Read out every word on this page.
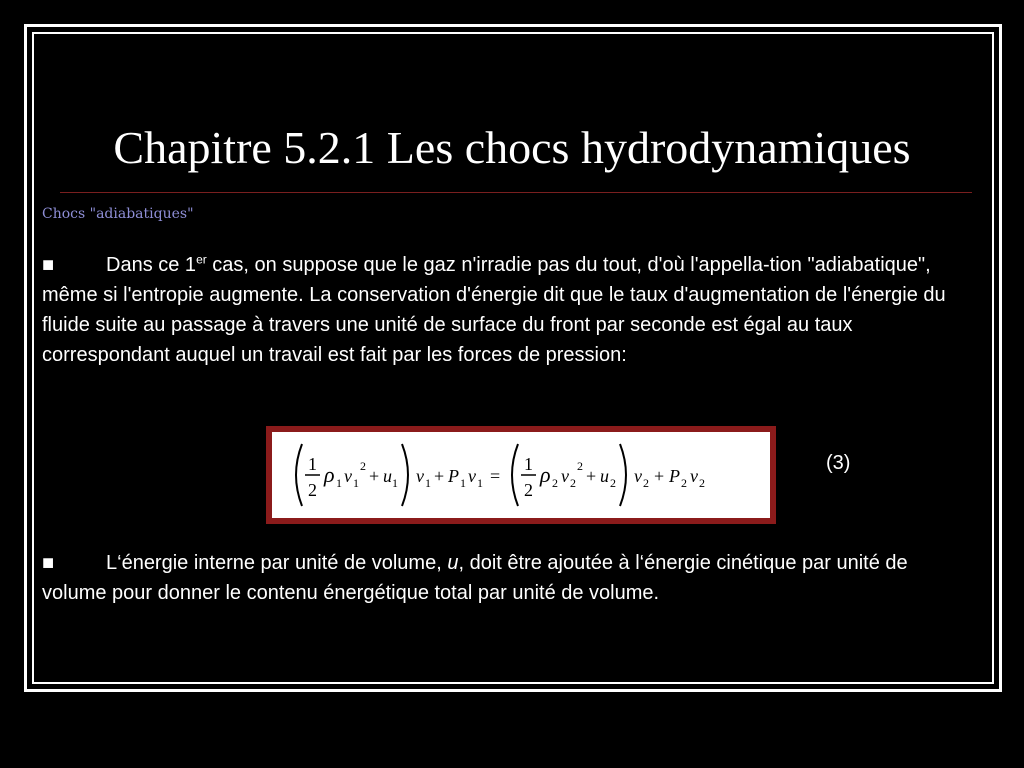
Chapitre 5.2.1 Les chocs hydrodynamiques
Chocs "adiabatiques"
■	Dans ce 1er cas, on suppose que le gaz n'irradie pas du tout, d'où l'appella-tion "adiabatique", même si l'entropie augmente. La conservation d'énergie dit que le taux d'augmentation de l'énergie du fluide suite au passage à travers une unité de surface du front par seconde est égal au taux correspondant auquel un travail est fait par les forces de pression:
1
2
ρ 1 v 1
2 + u 1 v 1 + P 1 v 1 =
1
2
ρ 2 v 2
2 + u 2 v 2 + P 2 v 2
(3)
■	L‘énergie interne par unité de volume, u, doit être ajoutée à l‘énergie cinétique par unité de volume pour donner le contenu énergétique total par unité de volume.
